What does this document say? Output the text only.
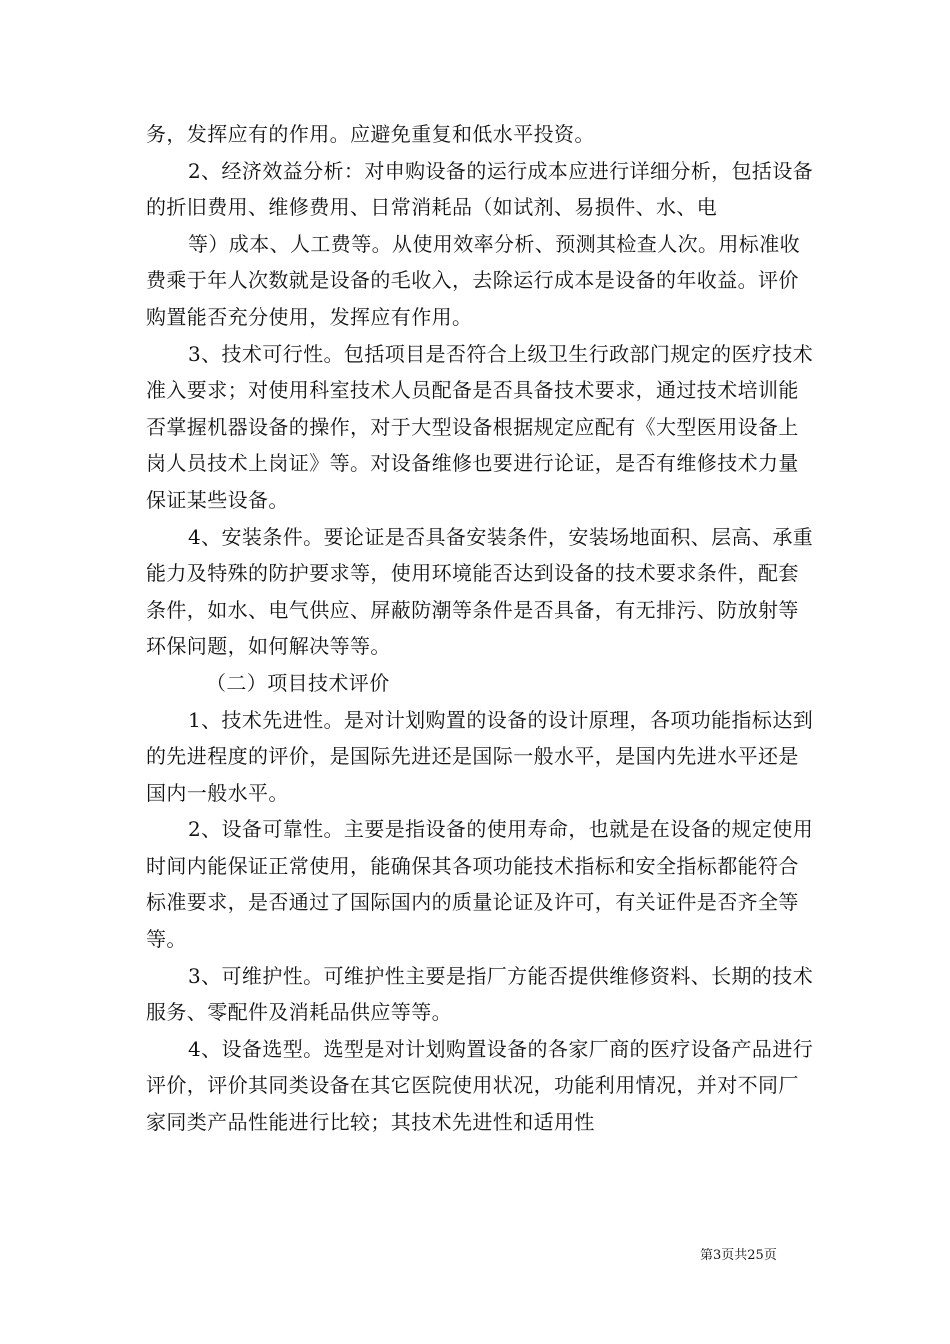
务，发挥应有的作用。应避免重复和低水平投资。

2、经济效益分析：对申购设备的运行成本应进行详细分析，包括设备的折旧费用、维修费用、日常消耗品（如试剂、易损件、水、电

等）成本、人工费等。从使用效率分析、预测其检查人次。用标准收费乘于年人次数就是设备的毛收入，去除运行成本是设备的年收益。评价购置能否充分使用，发挥应有作用。

3、技术可行性。包括项目是否符合上级卫生行政部门规定的医疗技术准入要求；对使用科室技术人员配备是否具备技术要求，通过技术培训能否掌握机器设备的操作，对于大型设备根据规定应配有《大型医用设备上岗人员技术上岗证》等。对设备维修也要进行论证，是否有维修技术力量保证某些设备。

4、安装条件。要论证是否具备安装条件，安装场地面积、层高、承重能力及特殊的防护要求等，使用环境能否达到设备的技术要求条件，配套条件，如水、电气供应、屏蔽防潮等条件是否具备，有无排污、防放射等环保问题，如何解决等等。

（二）项目技术评价

1、技术先进性。是对计划购置的设备的设计原理，各项功能指标达到的先进程度的评价，是国际先进还是国际一般水平，是国内先进水平还是国内一般水平。

2、设备可靠性。主要是指设备的使用寿命，也就是在设备的规定使用时间内能保证正常使用，能确保其各项功能技术指标和安全指标都能符合标准要求，是否通过了国际国内的质量论证及许可，有关证件是否齐全等等。

3、可维护性。可维护性主要是指厂方能否提供维修资料、长期的技术服务、零配件及消耗品供应等等。

4、设备选型。选型是对计划购置设备的各家厂商的医疗设备产品进行评价，评价其同类设备在其它医院使用状况，功能利用情况，并对不同厂家同类产品性能进行比较；其技术先进性和适用性

第3页共25页
